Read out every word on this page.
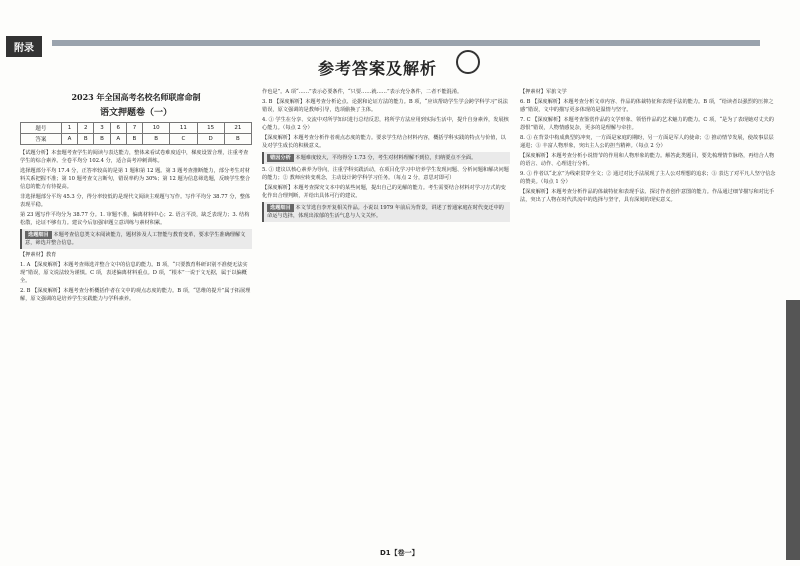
附录
参考答案及解析
2023 年全国高考名校名师联席命制
语文押题卷（一）
题号	1	2	3	6	7	10	11	15	21
答案	A	B	B	A	B	B	C	D	B

【试题分析】本套题考查学生的阅读与表达能力，整体来看试卷难度适中，梯度设置合理，注重考查学生的综合素养。全卷平均分 102.4 分，适合高考冲刺训练。

选择题部分平均 17.4 分，正答率较高的是第 1 题和第 12 题。第 3 题考查推断能力，部分考生对材料关系把握不准；第 10 题考查文言断句，错误率约为 30%；第 12 题为信息筛选题，反映学生整合信息的能力有待提高。

非选择题部分平均 45.3 分，得分率较低的是现代文阅读主观题与写作。写作平均分 38.77 分，整体表现平稳。

第 23 题写作平均分为 38.77 分。1. 审题不准，偏离材料中心；2. 语言平淡，缺乏表现力；3. 结构松散，论证不够有力。建议今后加强审题立意训练与素材积累。

选题细目 本题考查信息类文本阅读能力，题材涉及人工智能与教育变革，要求学生准确理解文意，筛选并整合信息。

【押素材】教育

1. A 【深度解析】本题考查筛选并整合文中的信息的能力。B 项，“只要教育科研识别不准便无法实现”错误，原文说法较为谨慎。C 项，表述偏离材料重点。D 项，“根本”一说于文无据，属于以偏概全。

2. B 【深度解析】本题考查分析概括作者在文中的观点态度的能力。B 项，“思维的提升”属于拓展理解，原文强调的是培养学生实践能力与学科素养。

作也是”。A 项“……”表示必要条件，“只要……就……”表示充分条件，二者不能混淆。

3. B 【深度解析】本题考查分析论点、论据和论证方法的能力。B 项，“应该帮助学生学会跨学科学习”说法错误，原文强调的是教师引导，选项偷换了主体。

4. ① 学生在分享、交流中对所学知识进行总结反思，将所学方法应用到实际生活中，提升自身素养，发展核心能力。（每点 2 分）

【深度解析】本题考查分析作者观点态度的能力。要求学生结合材料内容，概括学科实践的特点与价值，以及对学生成长的积极意义。

错因分析 本题难度较大，平均得分 1.73 分，考生对材料理解不到位，归纳要点不全面。

5. ① 建议以核心素养为导向，注重学科实践活动，在项目化学习中培养学生发现问题、分析问题和解决问题的能力；② 教师应转变观念，主动设计跨学科学习任务。（每点 2 分，意思对即可）

【深度解析】本题考查探究文本中的某些问题，提出自己的见解的能力。考生需要结合材料对学习方式的变化作出合理判断，并给出具体可行的建议。

选题细目 本文节选自李开复相关作品。小说以 1979 年前后为背景，讲述了普通家庭在时代变迁中的命运与选择，体现出浓郁的生活气息与人文关怀。

【押素材】军旅文学

6. B 【深度解析】本题考查分析文章内容、作品的体裁特征和表现手法的能力。B 项，“给读者以强烈的压抑之感”错误，文中的描写更多体现的是温情与坚守。

7. C 【深度解析】本题考查鉴赏作品的文学形象、领悟作品的艺术魅力的能力。C 项，“是为了表现她对丈夫的怨恨”错误，人物情感复杂，更多的是理解与牵挂。

8. ① 在背景中构成典型的冲突，一方面是家庭的期盼，另一方面是军人的使命；② 推动情节发展，使故事层层递进；③ 丰富人物形象，突出主人公的担当精神。（每点 2 分）

【深度解析】本题考查分析小说情节的作用和人物形象的能力。解答此类题目，要先梳理情节脉络，再结合人物的语言、动作、心理进行分析。

9. ① 作者以“北京”为线索贯穿全文；② 通过对比手法展现了主人公对理想的追求；③ 表达了对平凡人坚守信念的赞美。（每点 1 分）

【深度解析】本题考查分析作品的体裁特征和表现手法、探讨作者创作意图的能力。作品通过细节描写和对比手法，突出了人物在时代洪流中的选择与坚守，具有深刻的现实意义。

D1【卷一】
